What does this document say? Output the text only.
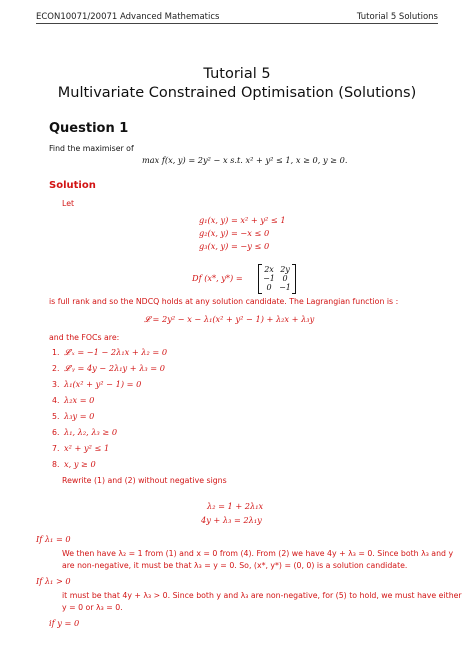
ECON10071/20071 Advanced Mathematics	Tutorial 5 Solutions
Tutorial 5
Multivariate Constrained Optimisation (Solutions)
Question 1
Find the maximiser of
max f(x, y) = 2y² − x s.t. x² + y² ≤ 1, x ≥ 0, y ≥ 0.
Solution
Let
g₁(x, y) = x² + y² ≤ 1
g₂(x, y) = −x ≤ 0
g₃(x, y) = −y ≤ 0
Df (x*, y*) =
2x 2y
−1 0
0 −1
is full rank and so the NDCQ holds at any solution candidate. The Lagrangian function is :
𝓛 = 2y² − x − λ₁(x² + y² − 1) + λ₂x + λ₃y
and the FOCs are:
1. 𝓛′ₓ = −1 − 2λ₁x + λ₂ = 0
2. 𝓛′ᵧ = 4y − 2λ₁y + λ₃ = 0
3. λ₁(x² + y² − 1) = 0
4. λ₂x = 0
5. λ₃y = 0
6. λ₁, λ₂, λ₃ ≥ 0
7. x² + y² ≤ 1
8. x, y ≥ 0
Rewrite (1) and (2) without negative signs
λ₂ = 1 + 2λ₁x
4y + λ₃ = 2λ₁y
If λ₁ = 0
We then have λ₂ = 1 from (1) and x = 0 from (4). From (2) we have 4y + λ₃ = 0. Since both λ₃ and y
are non-negative, it must be that λ₃ = y = 0. So, (x*, y*) = (0, 0) is a solution candidate.
If λ₁ > 0
it must be that 4y + λ₃ > 0. Since both y and λ₃ are non-negative, for (5) to hold, we must have either
y = 0 or λ₃ = 0.
if y = 0
